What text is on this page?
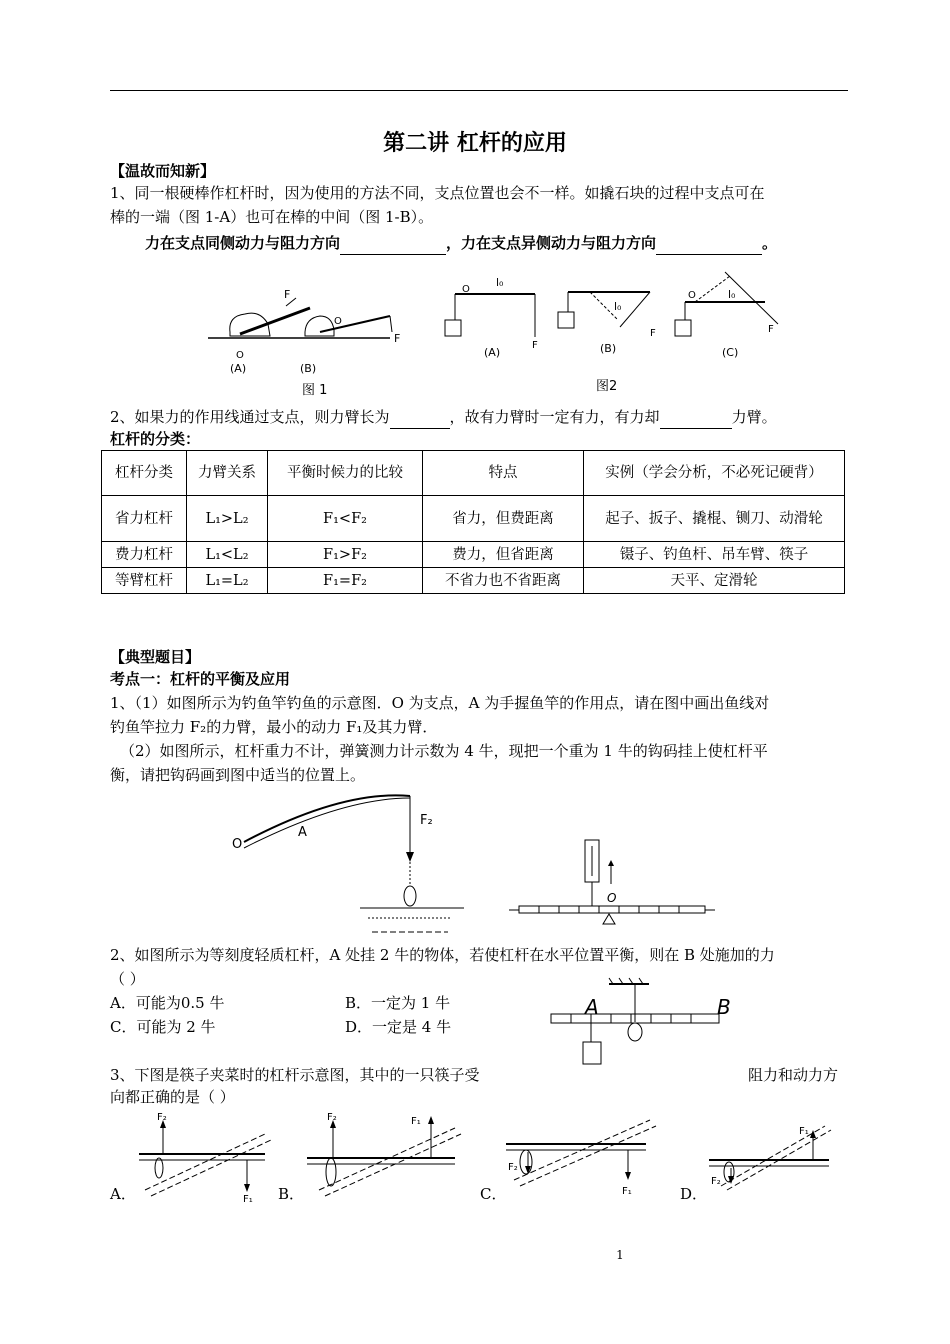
第二讲 杠杆的应用
【温故而知新】
1、同一根硬棒作杠杆时，因为使用的方法不同，支点位置也会不一样。如撬石块的过程中支点可在
棒的一端（图 1-A）也可在棒的中间（图 1-B）。
力在支点同侧动力与阻力方向	，力在支点异侧动力与阻力方向	。
F
O
F
O
(A)	(B)
图 1
O
l₀
F
(A)
l₀
F
(B)
O	l₀
F
(C)
图2
2、如果力的作用线通过支点，则力臂长为	，故有力臂时一定有力，有力却	力臂。
杠杆的分类：
杠杆分类	力臂关系	平衡时候力的比较	特点	实例（学会分析，不必死记硬背）
省力杠杆	L₁>L₂	F₁<F₂	省力，但费距离	起子、扳子、撬棍、铡刀、动滑轮
费力杠杆	L₁<L₂	F₁>F₂	费力，但省距离	镊子、钓鱼杆、吊车臂、筷子
等臂杠杆	L₁=L₂	F₁=F₂	不省力也不省距离	天平、定滑轮
【典型题目】
考点一：杠杆的平衡及应用
1、（1）如图所示为钓鱼竿钓鱼的示意图．O 为支点，A 为手握鱼竿的作用点，请在图中画出鱼线对
钓鱼竿拉力 F₂的力臂，最小的动力 F₁及其力臂．
（2）如图所示，杠杆重力不计，弹簧测力计示数为 4 牛，现把一个重为 1 牛的钩码挂上使杠杆平
衡，请把钩码画到图中适当的位置上。
O
A
F₂
O
2、如图所示为等刻度轻质杠杆，A 处挂 2 牛的物体，若使杠杆在水平位置平衡，则在 B 处施加的力
（ ）
A．可能为0.5 牛	B．一定为 1 牛
C．可能为 2 牛	D．一定是 4 牛
A	B
3、下图是筷子夹菜时的杠杆示意图，其中的一只筷子受	阻力和动力方
向都正确的是（ ）
F₂
F₁
F₂	F₁
F₂
F₁
F₂
F₁
A．	B．	C．	D．
1
